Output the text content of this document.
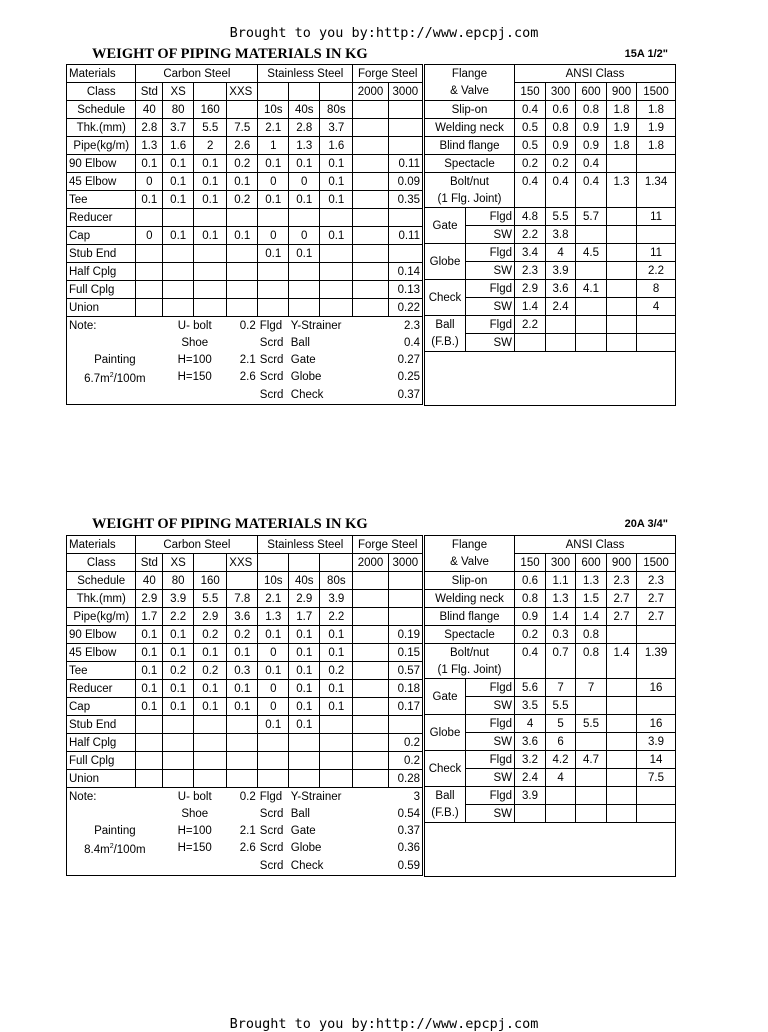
Brought to you by:http://www.epcpj.com
Brought to you by:http://www.epcpj.com
WEIGHT OF PIPING MATERIALS IN KG	15A 1/2"
Materials	Carbon Steel				Stainless Steel			Forge Steel	
Class	Std	XS		XXS				2000	3000
Schedule	40	80	160		10s	40s	80s		
Thk.(mm)	2.8	3.7	5.5	7.5	2.1	2.8	3.7		
Pipe(kg/m)	1.3	1.6	2	2.6	1	1.3	1.6		
90 Elbow	0.1	0.1	0.1	0.2	0.1	0.1	0.1		0.11
45 Elbow	0	0.1	0.1	0.1	0	0	0.1		0.09
Tee	0.1	0.1	0.1	0.2	0.1	0.1	0.1		0.35
Reducer									
Cap	0	0.1	0.1	0.1	0	0	0.1		0.11
Stub End					0.1	0.1			
Half Cplg									0.14
Full Cplg									0.13
Union									0.22
Note:		U- bolt		0.2	Flgd	Y-Strainer		2.3	
		Shoe			Scrd	Ball		0.4	
Painting		H=100		2.1	Scrd	Gate		0.27	
$6.7m^2/100m$		H=150		2.6	Scrd	Globe		0.25	
					Scrd	Check		0.37	
Flange		ANSI Class				
& Valve		150	300	600	900	1500
Slip-on		0.4	0.6	0.8	1.8	1.8
Welding neck		0.5	0.8	0.9	1.9	1.9
Blind flange		0.5	0.9	0.9	1.8	1.8
Spectacle		0.2	0.2	0.4		
Bolt/nut		0.4	0.4	0.4	1.3	1.34
(1 Flg. Joint)						
Gate	Flgd	4.8	5.5	5.7		11
	SW	2.2	3.8			
Globe	Flgd	3.4	4	4.5		11
	SW	2.3	3.9			2.2
Check	Flgd	2.9	3.6	4.1		8
	SW	1.4	2.4			4
Ball	Flgd	2.2				
(F.B.)	SW					

WEIGHT OF PIPING MATERIALS IN KG	20A 3/4"
Materials	Carbon Steel				Stainless Steel			Forge Steel	
Class	Std	XS		XXS				2000	3000
Schedule	40	80	160		10s	40s	80s		
Thk.(mm)	2.9	3.9	5.5	7.8	2.1	2.9	3.9		
Pipe(kg/m)	1.7	2.2	2.9	3.6	1.3	1.7	2.2		
90 Elbow	0.1	0.1	0.2	0.2	0.1	0.1	0.1		0.19
45 Elbow	0.1	0.1	0.1	0.1	0	0.1	0.1		0.15
Tee	0.1	0.2	0.2	0.3	0.1	0.1	0.2		0.57
Reducer	0.1	0.1	0.1	0.1	0	0.1	0.1		0.18
Cap	0.1	0.1	0.1	0.1	0	0.1	0.1		0.17
Stub End					0.1	0.1			
Half Cplg									0.2
Full Cplg									0.2
Union									0.28
Note:		U- bolt		0.2	Flgd	Y-Strainer		3	
		Shoe			Scrd	Ball		0.54	
Painting		H=100		2.1	Scrd	Gate		0.37	
$8.4m^2/100m$		H=150		2.6	Scrd	Globe		0.36	
					Scrd	Check		0.59	
Flange		ANSI Class				
& Valve		150	300	600	900	1500
Slip-on		0.6	1.1	1.3	2.3	2.3
Welding neck		0.8	1.3	1.5	2.7	2.7
Blind flange		0.9	1.4	1.4	2.7	2.7
Spectacle		0.2	0.3	0.8		
Bolt/nut		0.4	0.7	0.8	1.4	1.39
(1 Flg. Joint)						
Gate	Flgd	5.6	7	7		16
	SW	3.5	5.5			
Globe	Flgd	4	5	5.5		16
	SW	3.6	6			3.9
Check	Flgd	3.2	4.2	4.7		14
	SW	2.4	4			7.5
Ball	Flgd	3.9				
(F.B.)	SW					
